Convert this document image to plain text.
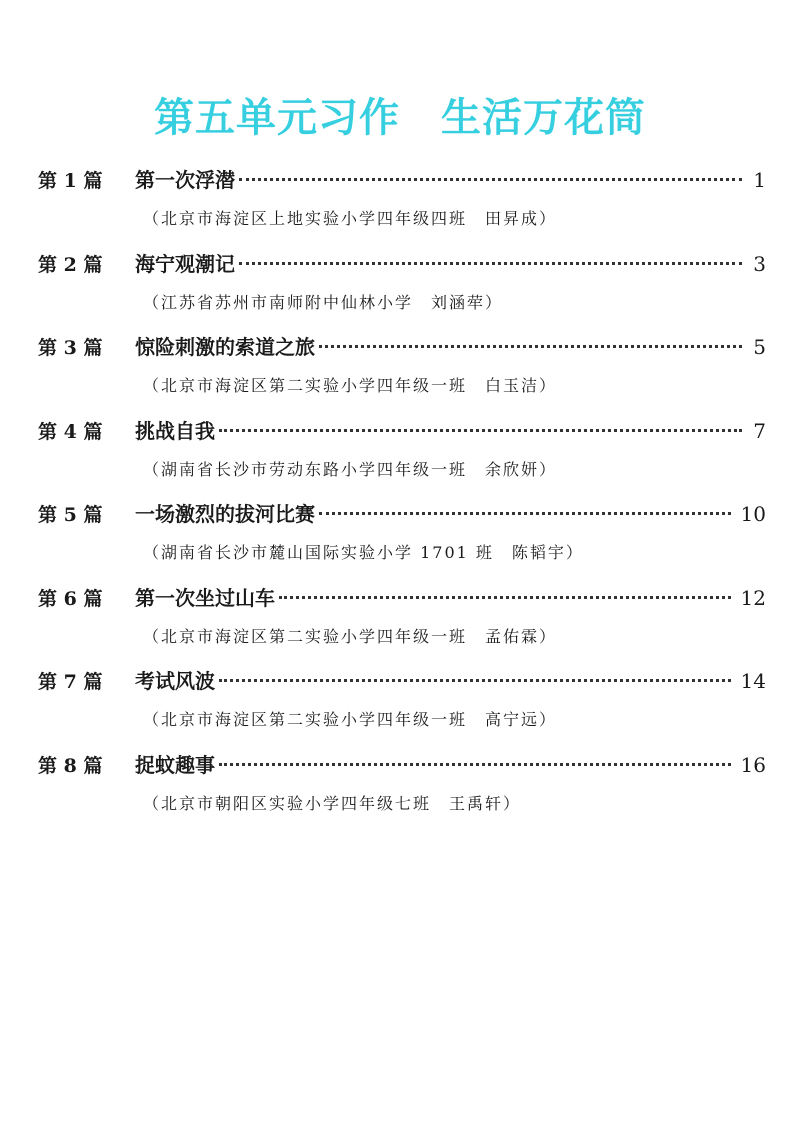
第五单元习作　生活万花筒
第 1 篇	第一次浮潜	1
（北京市海淀区上地实验小学四年级四班　田昇成）
第 2 篇	海宁观潮记	3
（江苏省苏州市南师附中仙林小学　刘涵荦）
第 3 篇	惊险刺激的索道之旅	5
（北京市海淀区第二实验小学四年级一班　白玉洁）
第 4 篇	挑战自我	7
（湖南省长沙市劳动东路小学四年级一班　余欣妍）
第 5 篇	一场激烈的拔河比赛	10
（湖南省长沙市麓山国际实验小学 1701 班　陈韬宇）
第 6 篇	第一次坐过山车	12
（北京市海淀区第二实验小学四年级一班　孟佑霖）
第 7 篇	考试风波	14
（北京市海淀区第二实验小学四年级一班　高宁远）
第 8 篇	捉蚊趣事	16
（北京市朝阳区实验小学四年级七班　王禹轩）
